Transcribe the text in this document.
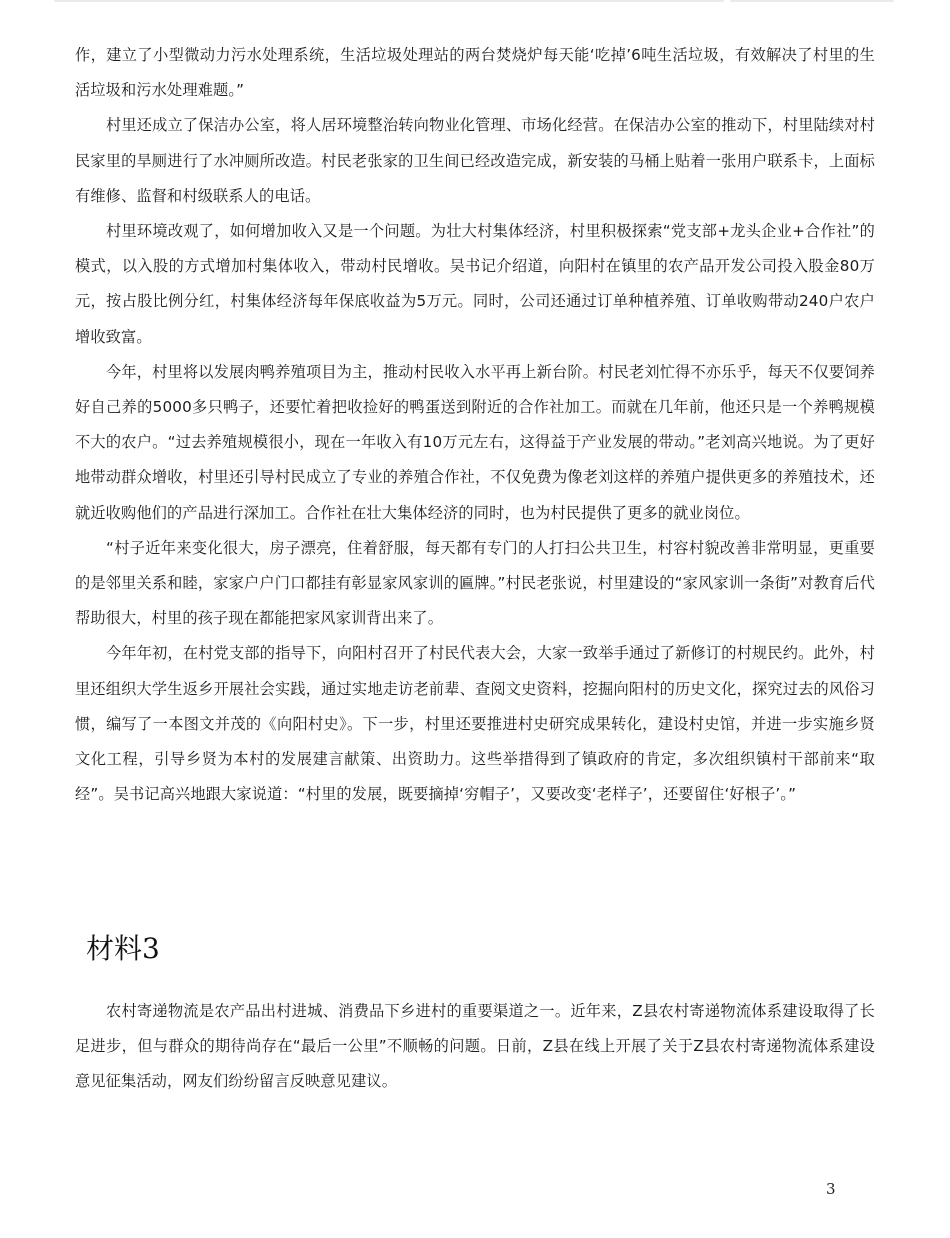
作，建立了小型微动力污水处理系统，生活垃圾处理站的两台焚烧炉每天能‘吃掉’6吨生活垃圾，有效解决了村里的生活垃圾和污水处理难题。”

村里还成立了保洁办公室，将人居环境整治转向物业化管理、市场化经营。在保洁办公室的推动下，村里陆续对村民家里的旱厕进行了水冲厕所改造。村民老张家的卫生间已经改造完成，新安装的马桶上贴着一张用户联系卡，上面标有维修、监督和村级联系人的电话。

村里环境改观了，如何增加收入又是一个问题。为壮大村集体经济，村里积极探索“党支部+龙头企业+合作社”的模式，以入股的方式增加村集体收入，带动村民增收。吴书记介绍道，向阳村在镇里的农产品开发公司投入股金80万元，按占股比例分红，村集体经济每年保底收益为5万元。同时，公司还通过订单种植养殖、订单收购带动240户农户增收致富。

今年，村里将以发展肉鸭养殖项目为主，推动村民收入水平再上新台阶。村民老刘忙得不亦乐乎，每天不仅要饲养好自己养的5000多只鸭子，还要忙着把收捡好的鸭蛋送到附近的合作社加工。而就在几年前，他还只是一个养鸭规模不大的农户。“过去养殖规模很小，现在一年收入有10万元左右，这得益于产业发展的带动。”老刘高兴地说。为了更好地带动群众增收，村里还引导村民成立了专业的养殖合作社，不仅免费为像老刘这样的养殖户提供更多的养殖技术，还就近收购他们的产品进行深加工。合作社在壮大集体经济的同时，也为村民提供了更多的就业岗位。

“村子近年来变化很大，房子漂亮，住着舒服，每天都有专门的人打扫公共卫生，村容村貌改善非常明显，更重要的是邻里关系和睦，家家户户门口都挂有彰显家风家训的匾牌。”村民老张说，村里建设的“家风家训一条街”对教育后代帮助很大，村里的孩子现在都能把家风家训背出来了。

今年年初，在村党支部的指导下，向阳村召开了村民代表大会，大家一致举手通过了新修订的村规民约。此外，村里还组织大学生返乡开展社会实践，通过实地走访老前辈、查阅文史资料，挖掘向阳村的历史文化，探究过去的风俗习惯，编写了一本图文并茂的《向阳村史》。下一步，村里还要推进村史研究成果转化，建设村史馆，并进一步实施乡贤文化工程，引导乡贤为本村的发展建言献策、出资助力。这些举措得到了镇政府的肯定，多次组织镇村干部前来“取经”。吴书记高兴地跟大家说道：“村里的发展，既要摘掉‘穷帽子’，又要改变‘老样子’，还要留住‘好根子’。”

材料3

农村寄递物流是农产品出村进城、消费品下乡进村的重要渠道之一。近年来，Z县农村寄递物流体系建设取得了长足进步，但与群众的期待尚存在“最后一公里”不顺畅的问题。日前，Z县在线上开展了关于Z县农村寄递物流体系建设意见征集活动，网友们纷纷留言反映意见建议。

3
